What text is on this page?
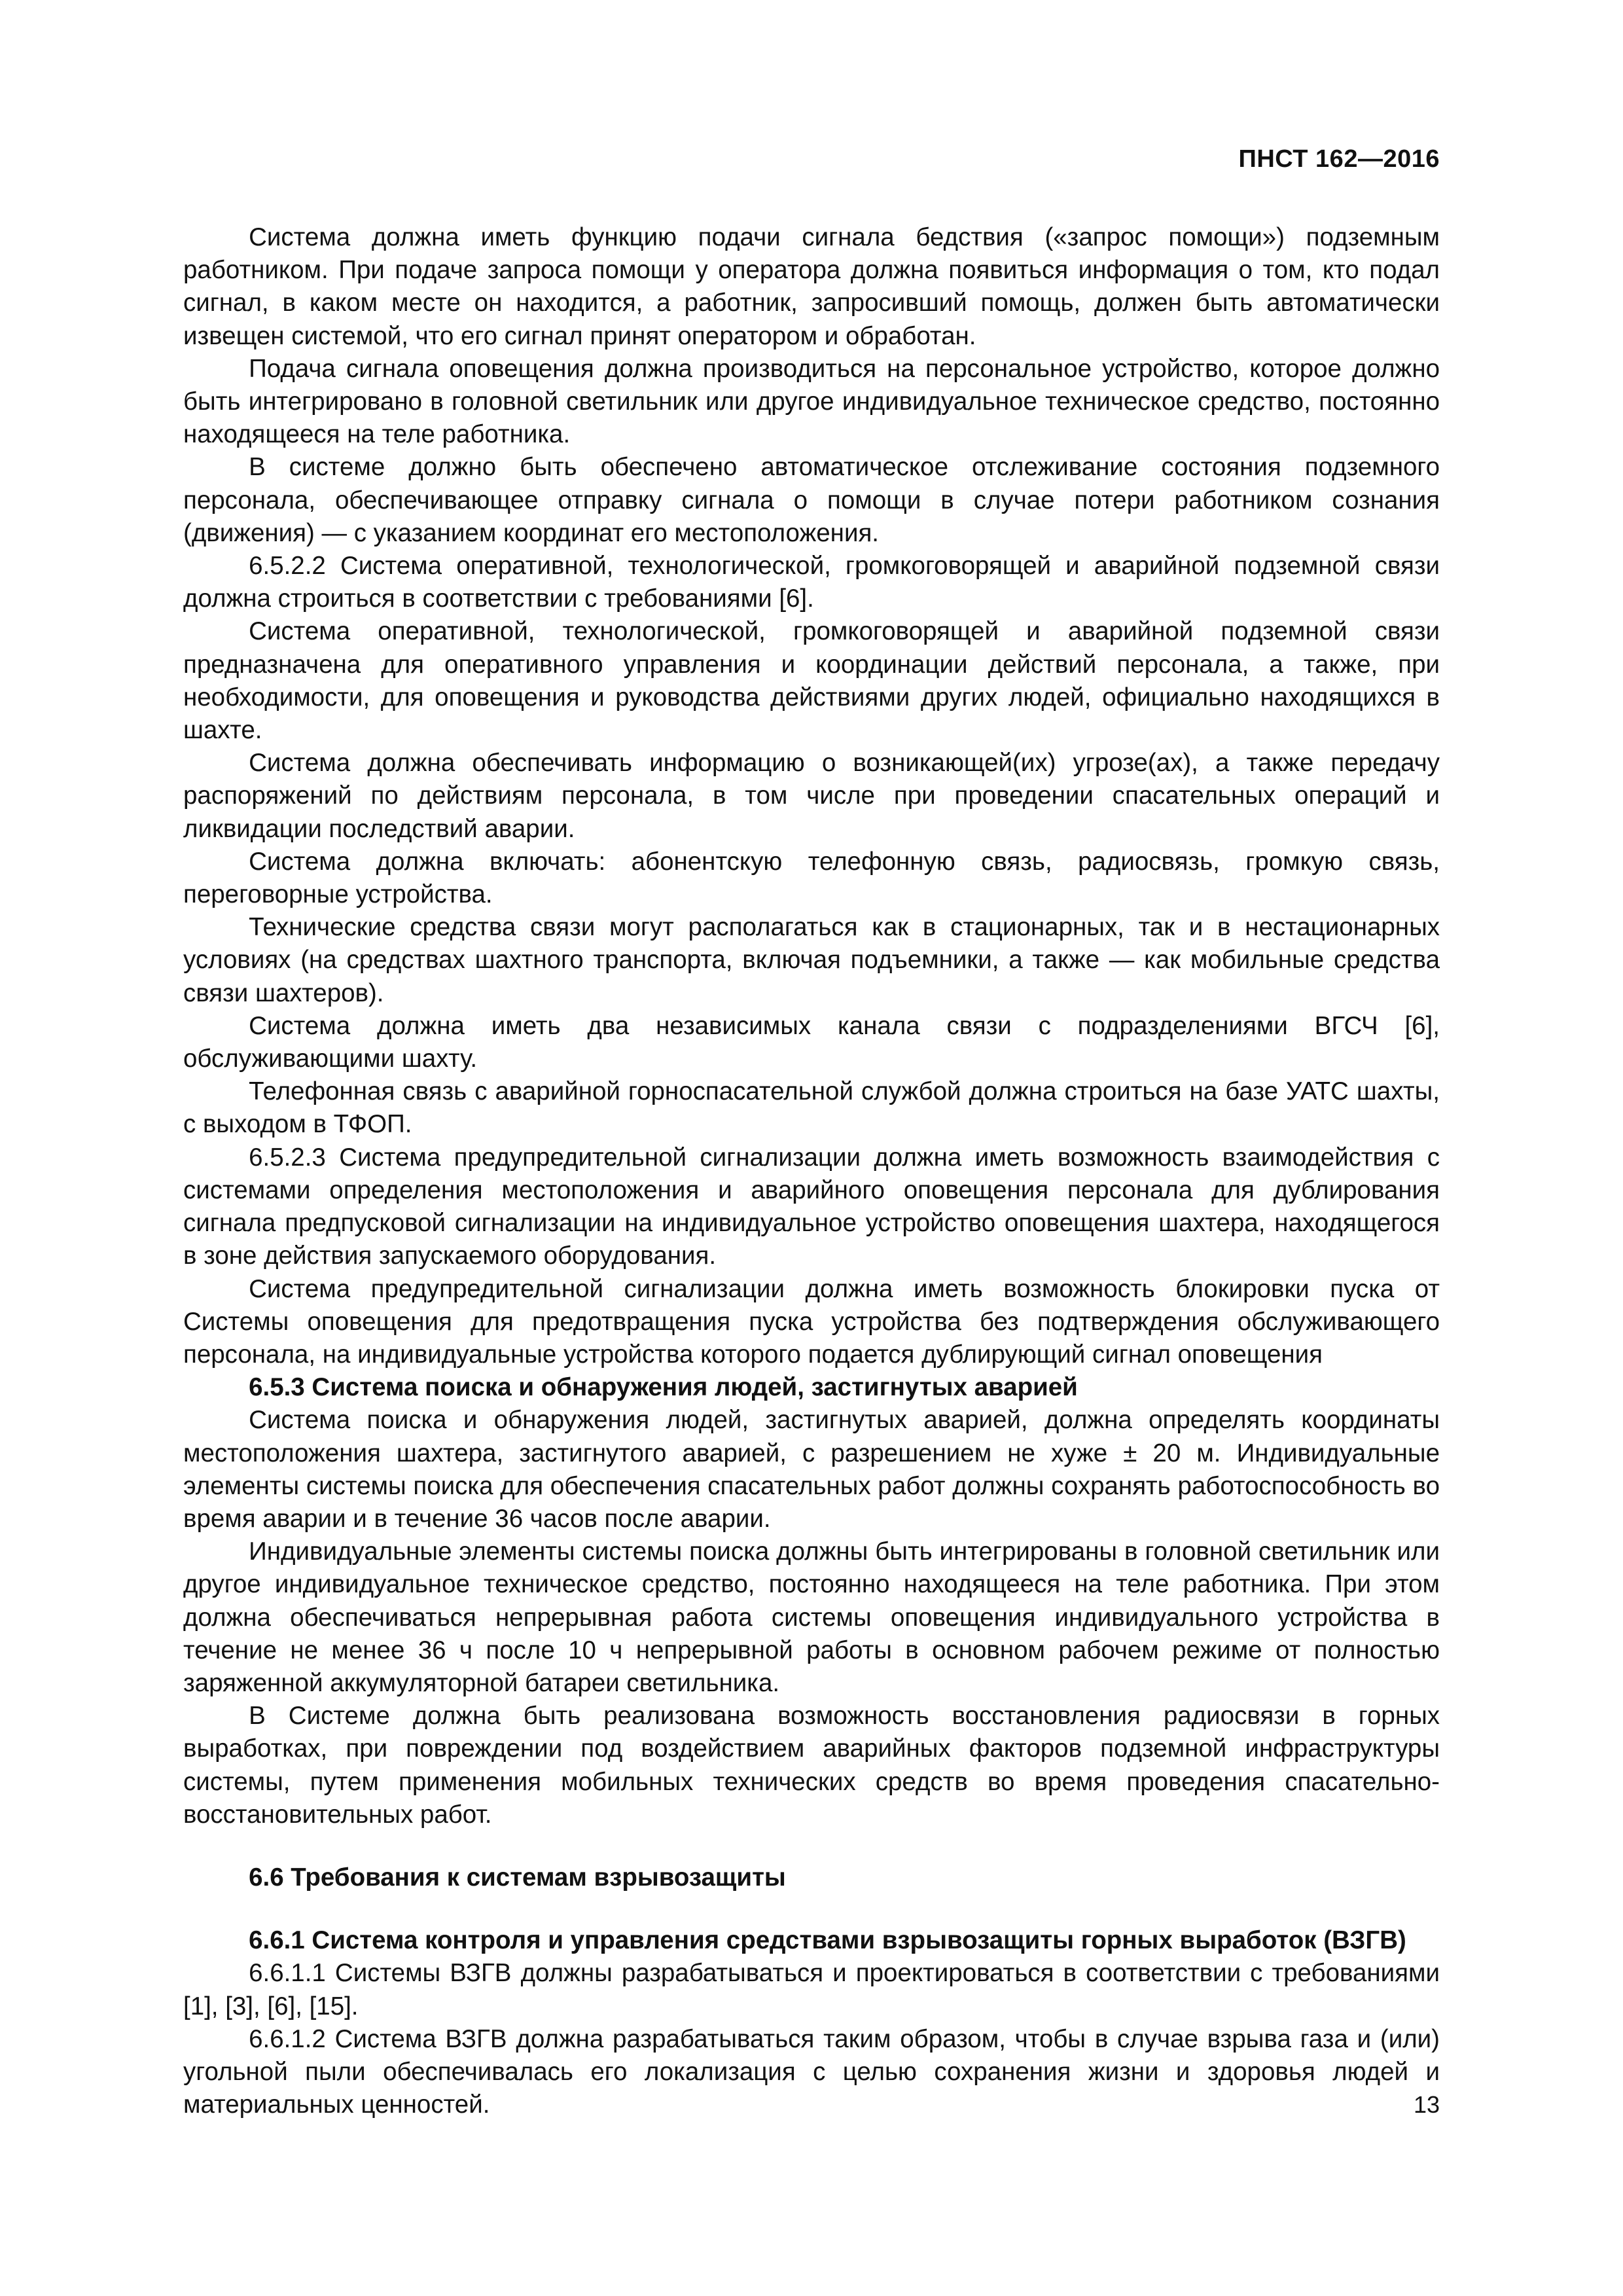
ПНСТ 162—2016

Система должна иметь функцию подачи сигнала бедствия («запрос помощи») подземным работником. При подаче запроса помощи у оператора должна появиться информация о том, кто подал сигнал, в каком месте он находится, а работник, запросивший помощь, должен быть автоматически извещен системой, что его сигнал принят оператором и обработан.

Подача сигнала оповещения должна производиться на персональное устройство, которое должно быть интегрировано в головной светильник или другое индивидуальное техническое средство, постоянно находящееся на теле работника.

В системе должно быть обеспечено автоматическое отслеживание состояния подземного персонала, обеспечивающее отправку сигнала о помощи в случае потери работником сознания (движения) — с указанием координат его местоположения.

6.5.2.2 Система оперативной, технологической, громкоговорящей и аварийной подземной связи должна строиться в соответствии с требованиями [6].

Система оперативной, технологической, громкоговорящей и аварийной подземной связи предназначена для оперативного управления и координации действий персонала, а также, при необходимости, для оповещения и руководства действиями других людей, официально находящихся в шахте.

Система должна обеспечивать информацию о возникающей(их) угрозе(ах), а также передачу распоряжений по действиям персонала, в том числе при проведении спасательных операций и ликвидации последствий аварии.

Система должна включать: абонентскую телефонную связь, радиосвязь, громкую связь, переговорные устройства.

Технические средства связи могут располагаться как в стационарных, так и в нестационарных условиях (на средствах шахтного транспорта, включая подъемники, а также — как мобильные средства связи шахтеров).

Система должна иметь два независимых канала связи с подразделениями ВГСЧ [6], обслуживающими шахту.

Телефонная связь с аварийной горноспасательной службой должна строиться на базе УАТС шахты, с выходом в ТФОП.

6.5.2.3 Система предупредительной сигнализации должна иметь возможность взаимодействия с системами определения местоположения и аварийного оповещения персонала для дублирования сигнала предпусковой сигнализации на индивидуальное устройство оповещения шахтера, находящегося в зоне действия запускаемого оборудования.

Система предупредительной сигнализации должна иметь возможность блокировки пуска от Системы оповещения для предотвращения пуска устройства без подтверждения обслуживающего персонала, на индивидуальные устройства которого подается дублирующий сигнал оповещения

6.5.3 Система поиска и обнаружения людей, застигнутых аварией

Система поиска и обнаружения людей, застигнутых аварией, должна определять координаты местоположения шахтера, застигнутого аварией, с разрешением не хуже ± 20 м. Индивидуальные элементы системы поиска для обеспечения спасательных работ должны сохранять работоспособность во время аварии и в течение 36 часов после аварии.

Индивидуальные элементы системы поиска должны быть интегрированы в головной светильник или другое индивидуальное техническое средство, постоянно находящееся на теле работника. При этом должна обеспечиваться непрерывная работа системы оповещения индивидуального устройства в течение не менее 36 ч после 10 ч непрерывной работы в основном рабочем режиме от полностью заряженной аккумуляторной батареи светильника.

В Системе должна быть реализована возможность восстановления радиосвязи в горных выработках, при повреждении под воздействием аварийных факторов подземной инфраструктуры системы, путем применения мобильных технических средств во время проведения спасательно-восстановительных работ.

6.6 Требования к системам взрывозащиты

6.6.1 Система контроля и управления средствами взрывозащиты горных выработок (ВЗГВ)

6.6.1.1 Системы ВЗГВ должны разрабатываться и проектироваться в соответствии с требованиями [1], [3], [6], [15].

6.6.1.2 Система ВЗГВ должна разрабатываться таким образом, чтобы в случае взрыва газа и (или) угольной пыли обеспечивалась его локализация с целью сохранения жизни и здоровья людей и материальных ценностей.	13
